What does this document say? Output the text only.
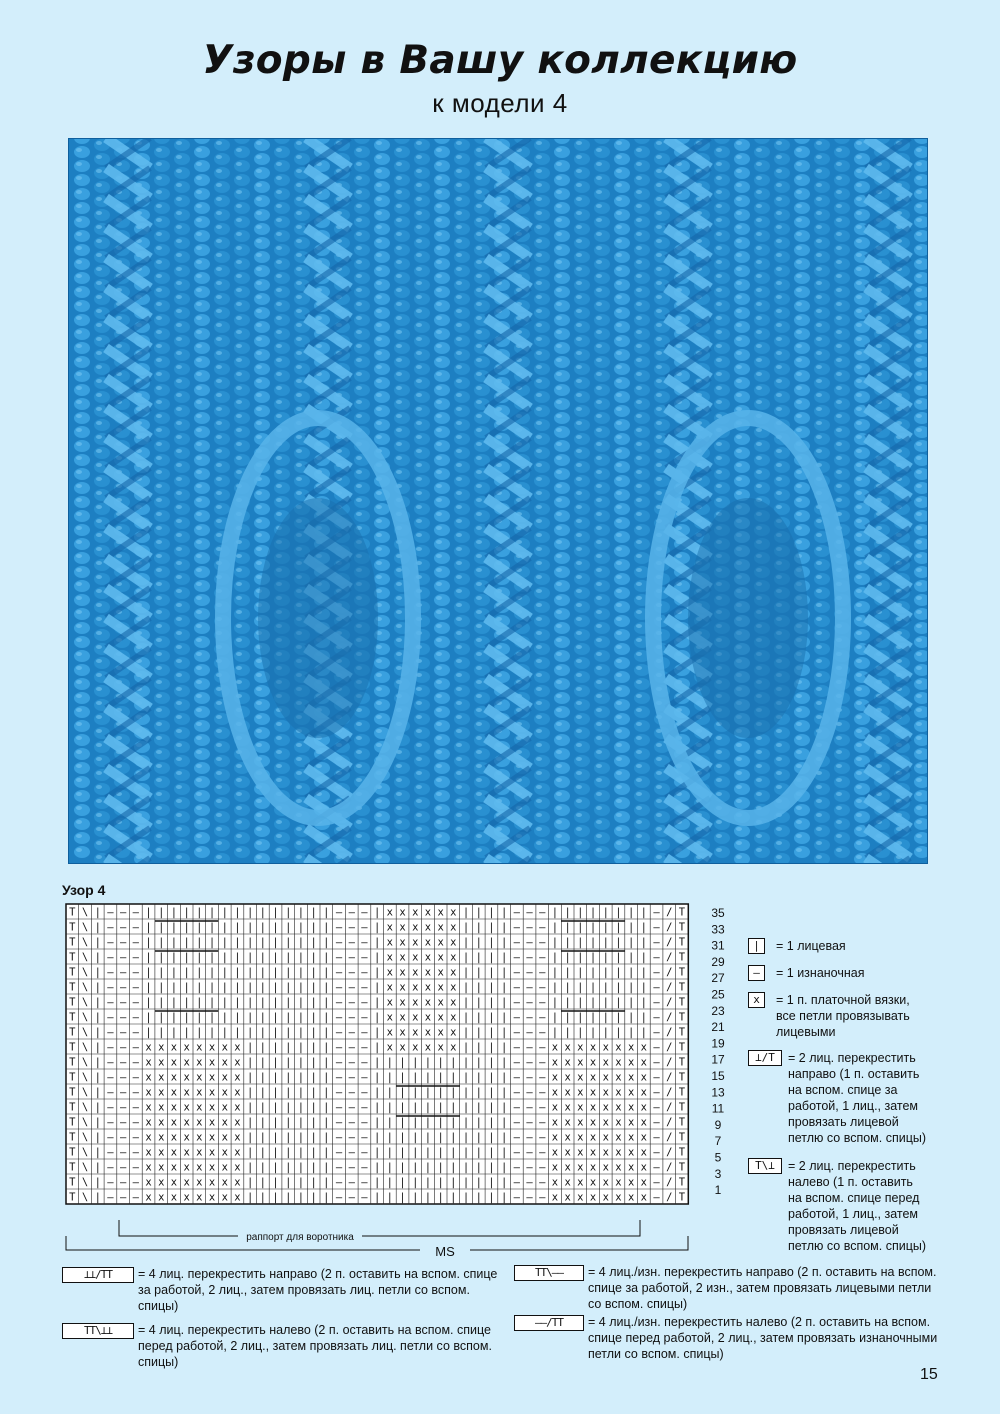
Узоры в Вашу коллекцию
к модели 4
Узор 4
T \ | – – – | | | | | | | | | | | | | | | – – – | x x x x x x | | | | – – – | | | | | | | | – / T
T \ | – – – | | | | | | | | | | | | | | | – – – | x x x x x x | | | | – – – | | | | | | | | – / T
T \ | – – – | | | | | | | | | | | | | | | – – – | x x x x x x | | | | – – – | | | | | | | | – / T
T \ | – – – | | | | | | | | | | | | | | | – – – | x x x x x x | | | | – – – | | | | | | | | – / T
T \ | – – – | | | | | | | | | | | | | | | – – – | x x x x x x | | | | – – – | | | | | | | | – / T
T \ | – – – | | | | | | | | | | | | | | | – – – | x x x x x x | | | | – – – | | | | | | | | – / T
T \ | – – – | | | | | | | | | | | | | | | – – – | x x x x x x | | | | – – – | | | | | | | | – / T
T \ | – – – | | | | | | | | | | | | | | | – – – | x x x x x x | | | | – – – | | | | | | | | – / T
T \ | – – – | | | | | | | | | | | | | | | – – – | x x x x x x | | | | – – – | | | | | | | | – / T
T \ | – – – x x x x x x x x | | | | | | | – – – | x x x x x x | | | | – – – x x x x x x x x – / T
T \ | – – – x x x x x x x x | | | | | | | – – – | | | | | | | | | | | – – – x x x x x x x x – / T
T \ | – – – x x x x x x x x | | | | | | | – – – | | | | | | | | | | | – – – x x x x x x x x – / T
T \ | – – – x x x x x x x x | | | | | | | – – – | | | | | | | | | | | – – – x x x x x x x x – / T
T \ | – – – x x x x x x x x | | | | | | | – – – | | | | | | | | | | | – – – x x x x x x x x – / T
T \ | – – – x x x x x x x x | | | | | | | – – – | | | | | | | | | | | – – – x x x x x x x x – / T
T \ | – – – x x x x x x x x | | | | | | | – – – | | | | | | | | | | | – – – x x x x x x x x – / T
T \ | – – – x x x x x x x x | | | | | | | – – – | | | | | | | | | | | – – – x x x x x x x x – / T
T \ | – – – x x x x x x x x | | | | | | | – – – | | | | | | | | | | | – – – x x x x x x x x – / T
T \ | – – – x x x x x x x x | | | | | | | – – – | | | | | | | | | | | – – – x x x x x x x x – / T
T \ | – – – x x x x x x x x | | | | | | | – – – | | | | | | | | | | | – – – x x x x x x x x – / T
35
33
31
29
27
25
23
21
19
17
15
13
11
9
7
5
3
1
раппорт для воротника
MS
|	= 1 лицевая
–	= 1 изнаночная
x	= 1 п. платочной вязки, все петли провязывать лицевыми
⊥/T	= 2 лиц. перекрестить направо (1 п. оставить на вспом. спице за работой, 1 лиц., затем провязать лицевой петлю со вспом. спицы)
T\⊥	= 2 лиц. перекрестить налево (1 п. оставить на вспом. спице перед работой, 1 лиц., затем провязать лицевой петлю со вспом. спицы)
⊥⊥/TT	= 4 лиц. перекрестить направо (2 п. оставить на вспом. спице за работой, 2 лиц., затем провязать лиц. петли со вспом. спицы)
TT\⊥⊥	= 4 лиц. перекрестить налево (2 п. оставить на вспом. спице перед работой, 2 лиц., затем провязать лиц. петли со вспом. спицы)
TT\––	= 4 лиц./изн. перекрестить направо (2 п. оставить на вспом. спице за работой, 2 изн., затем провязать лицевыми петли со вспом. спицы)
––/TT	= 4 лиц./изн. перекрестить налево (2 п. оставить на вспом. спице перед работой, 2 лиц., затем провязать изнаночными петли со вспом. спицы)
15
